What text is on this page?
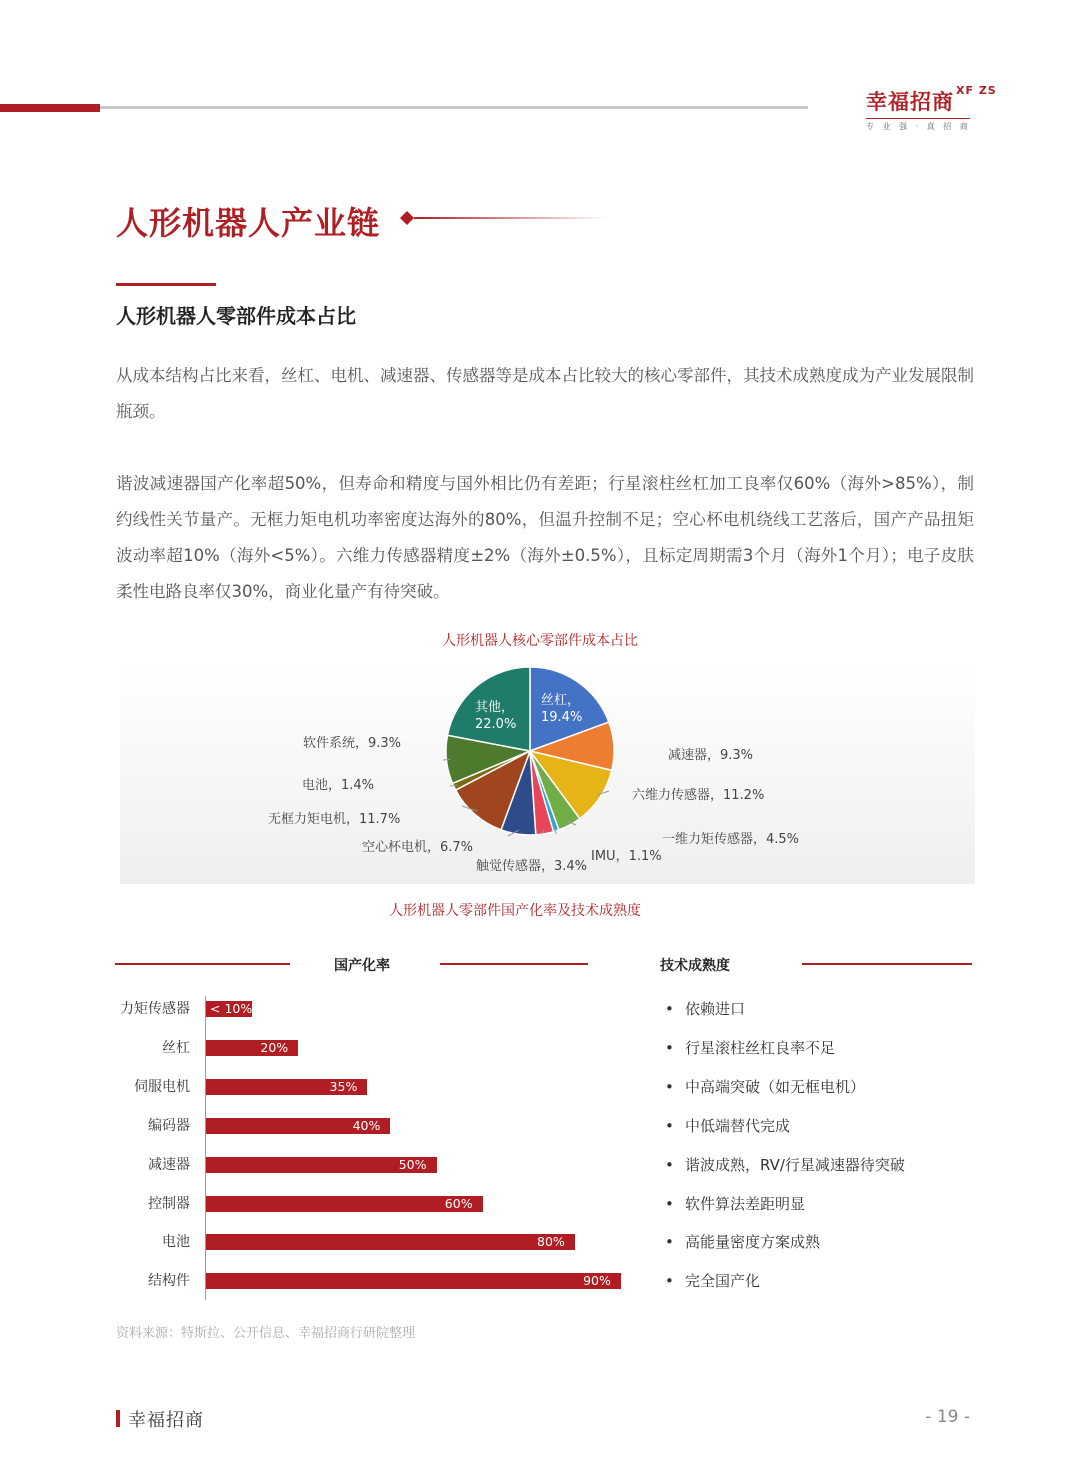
幸福招商 XF ZS
专 业 强 · 真 招 商
人形机器人产业链
人形机器人零部件成本占比
从成本结构占比来看，丝杠、电机、减速器、传感器等是成本占比较大的核心零部件，其技术成熟度成为产业发展限制瓶颈。
谐波减速器国产化率超50%，但寿命和精度与国外相比仍有差距；行星滚柱丝杠加工良率仅60%（海外>85%），制约线性关节量产。无框力矩电机功率密度达海外的80%，但温升控制不足；空心杯电机绕线工艺落后，国产产品扭矩波动率超10%（海外<5%）。六维力传感器精度±2%（海外±0.5%），且标定周期需3个月（海外1个月）；电子皮肤柔性电路良率仅30%，商业化量产有待突破。
人形机器人核心零部件成本占比
丝杠， 19.4%
减速器，9.3%
六维力传感器，11.2%
一维力矩传感器，4.5%
IMU，1.1%
触觉传感器，3.4%
空心杯电机，6.7%
无框力矩电机，11.7%
电池，1.4%
软件系统，9.3%
其他， 22.0%
人形机器人零部件国产化率及技术成熟度
国产化率	技术成熟度
力矩传感器 < 10%	• 依赖进口
丝杠	20%	• 行星滚柱丝杠良率不足
伺服电机	35%	• 中高端突破（如无框电机）
编码器	40%	• 中低端替代完成
减速器	50%	• 谐波成熟，RV/行星减速器待突破
控制器	60%	• 软件算法差距明显
电池	80%	• 高能量密度方案成熟
结构件	90%	• 完全国产化
资料来源：特斯拉、公开信息、幸福招商行研院整理
幸福招商	- 19 -
